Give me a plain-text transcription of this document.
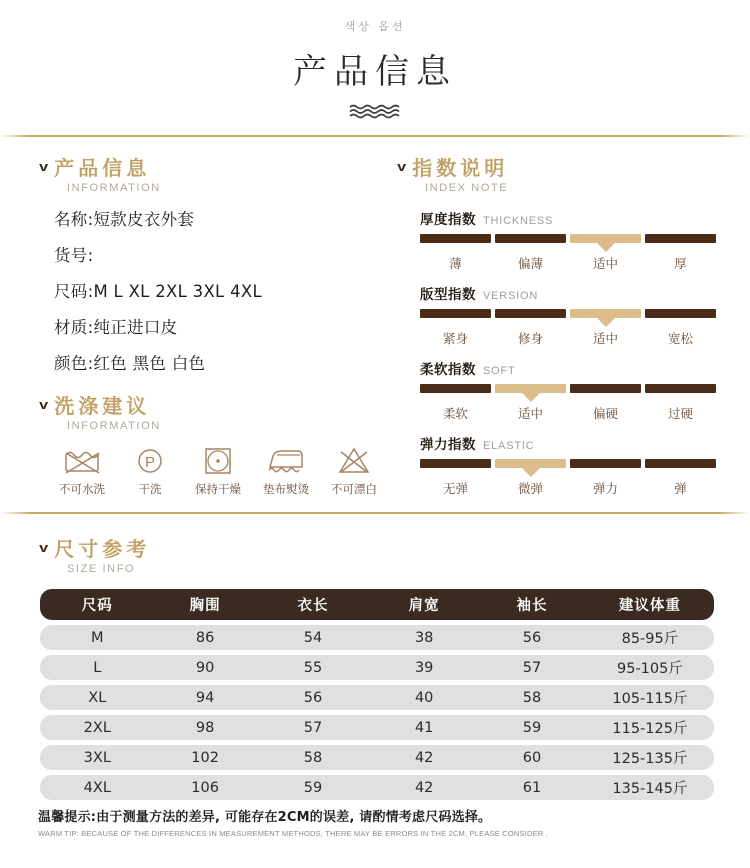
색상 옵션
产品信息
v 产品信息
INFORMATION
名称:短款皮衣外套
货号:
尺码:M L XL 2XL 3XL 4XL
材质:纯正进口皮
颜色:红色 黑色 白色
v 洗涤建议
INFORMATION
不可水洗
P
干洗	保持干燥	垫布熨烫	不可漂白
v 指数说明
INDEX NOTE
厚度指数 THICKNESS
薄	偏薄	适中	厚
版型指数 VERSION
紧身	修身	适中	宽松
柔软指数 SOFT
柔软	适中	偏硬	过硬
弹力指数 ELASTIC
无弹	微弹	弹力	弹
v 尺寸参考
SIZE INFO
尺码	胸围	衣长	肩宽	袖长	建议体重
M	86	54	38	56	85-95斤
L	90	55	39	57	95-105斤
XL	94	56	40	58	105-115斤
2XL	98	57	41	59	115-125斤
3XL	102	58	42	60	125-135斤
4XL	106	59	42	61	135-145斤
温馨提示:由于测量方法的差异, 可能存在2CM的误差, 请酌情考虑尺码选择。
WARM TIP: BECAUSE OF THE DIFFERENCES IN MEASUREMENT METHODS, THERE MAY BE ERRORS IN THE 2CM, PLEASE CONSIDER .
